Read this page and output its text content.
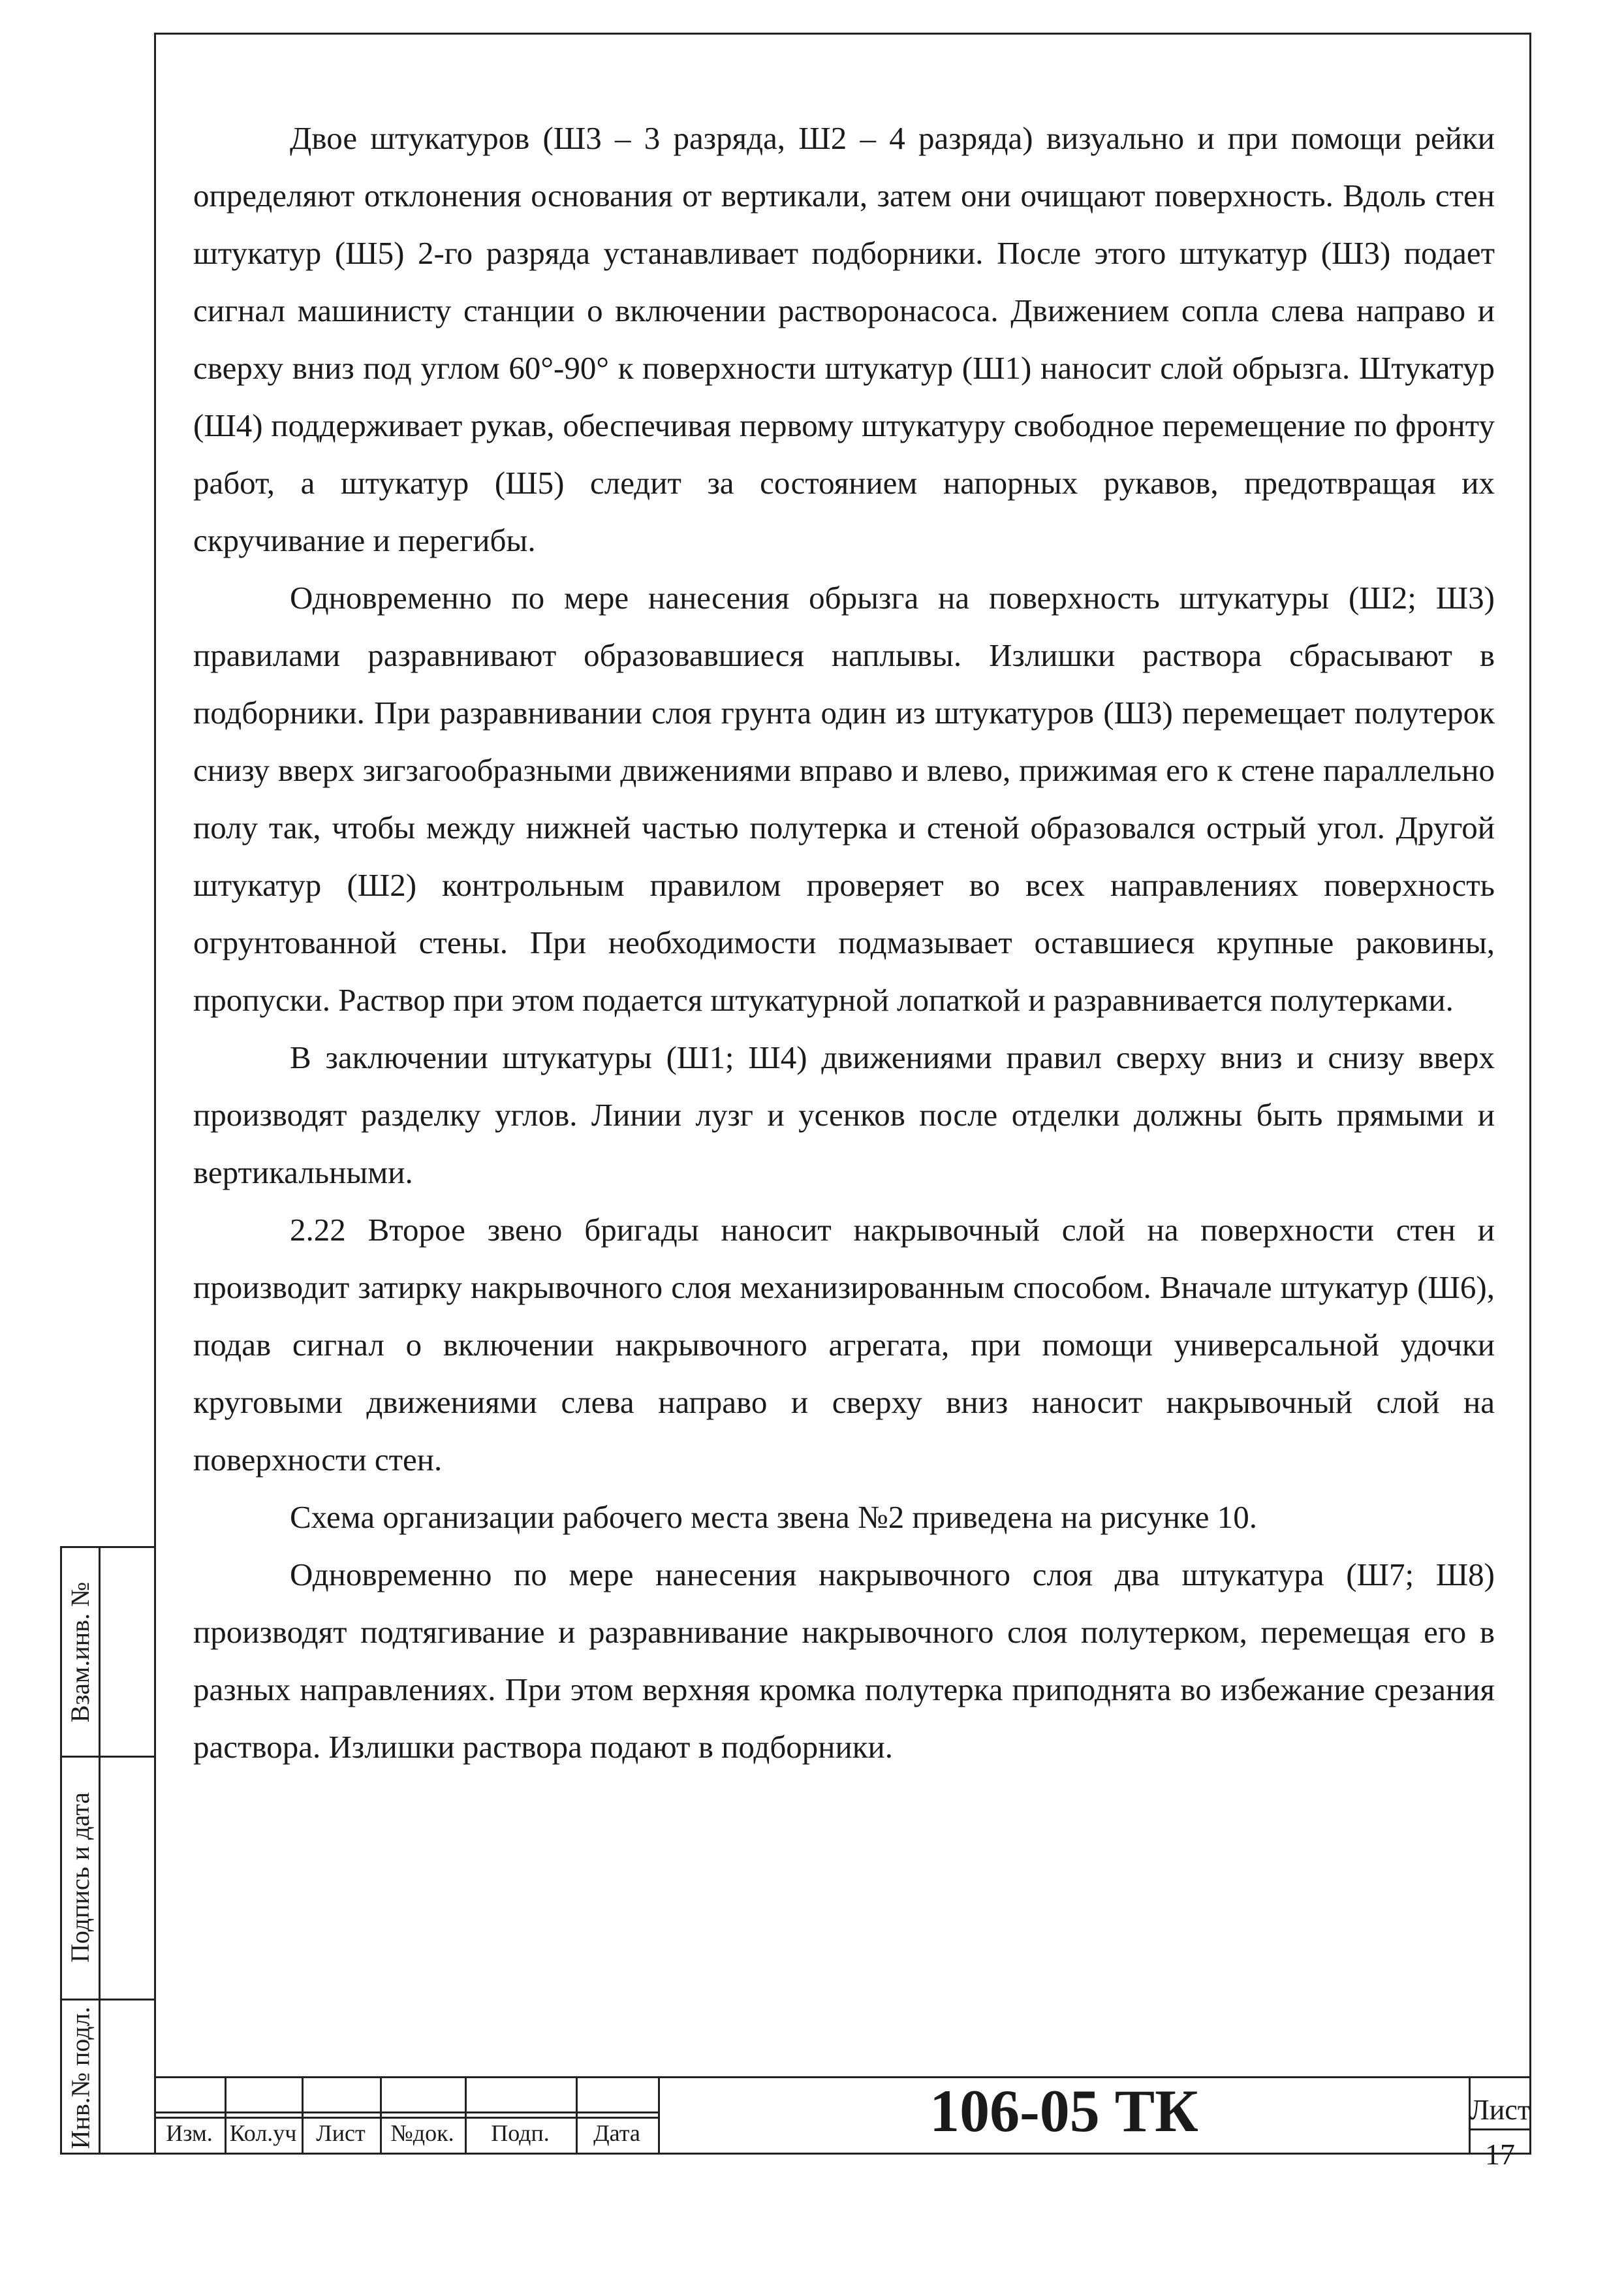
Двое штукатуров (Ш3 – 3 разряда, Ш2 – 4 разряда) визуально и при помощи рейки определяют отклонения основания от вертикали, затем они очищают поверхность. Вдоль стен штукатур (Ш5) 2-го разряда устанавливает подборники. После этого штукатур (Ш3) подает сигнал машинисту станции о включении растворонасоса. Движением сопла слева направо и сверху вниз под углом 60°-90° к поверхности штукатур (Ш1) наносит слой обрызга. Штукатур (Ш4) поддерживает рукав, обеспечивая первому штукатуру свободное перемещение по фронту работ, а штукатур (Ш5) следит за состоянием напорных рукавов, предотвращая их скручивание и перегибы.

Одновременно по мере нанесения обрызга на поверхность штукатуры (Ш2; Ш3) правилами разравнивают образовавшиеся наплывы. Излишки раствора сбрасывают в подборники. При разравнивании слоя грунта один из штукатуров (Ш3) перемещает полутерок снизу вверх зигзагообразными движениями вправо и влево, прижимая его к стене параллельно полу так, чтобы между нижней частью полутерка и стеной образовался острый угол. Другой штукатур (Ш2) контрольным правилом проверяет во всех направлениях поверхность огрунтованной стены. При необходимости подмазывает оставшиеся крупные раковины, пропуски. Раствор при этом подается штукатурной лопаткой и разравнивается полутерками.

В заключении штукатуры (Ш1; Ш4) движениями правил сверху вниз и снизу вверх производят разделку углов. Линии лузг и усенков после отделки должны быть прямыми и вертикальными.

2.22 Второе звено бригады наносит накрывочный слой на поверхности стен и производит затирку накрывочного слоя механизированным способом. Вначале штукатур (Ш6), подав сигнал о включении накрывочного агрегата, при помощи универсальной удочки круговыми движениями слева направо и сверху вниз наносит накрывочный слой на поверхности стен.

Схема организации рабочего места звена №2 приведена на рисунке 10.

Одновременно по мере нанесения накрывочного слоя два штукатура (Ш7; Ш8) производят подтягивание и разравнивание накрывочного слоя полутерком, перемещая его в разных направлениях. При этом верхняя кромка полутерка приподнята во избежание срезания раствора. Излишки раствора подают в подборники.

Взам.инв. №
Подпись и дата
Инв.№ подл.	Изм. Кол.уч Лист	№док.	Подп.	Дата	106-05 ТК	Лист
17
